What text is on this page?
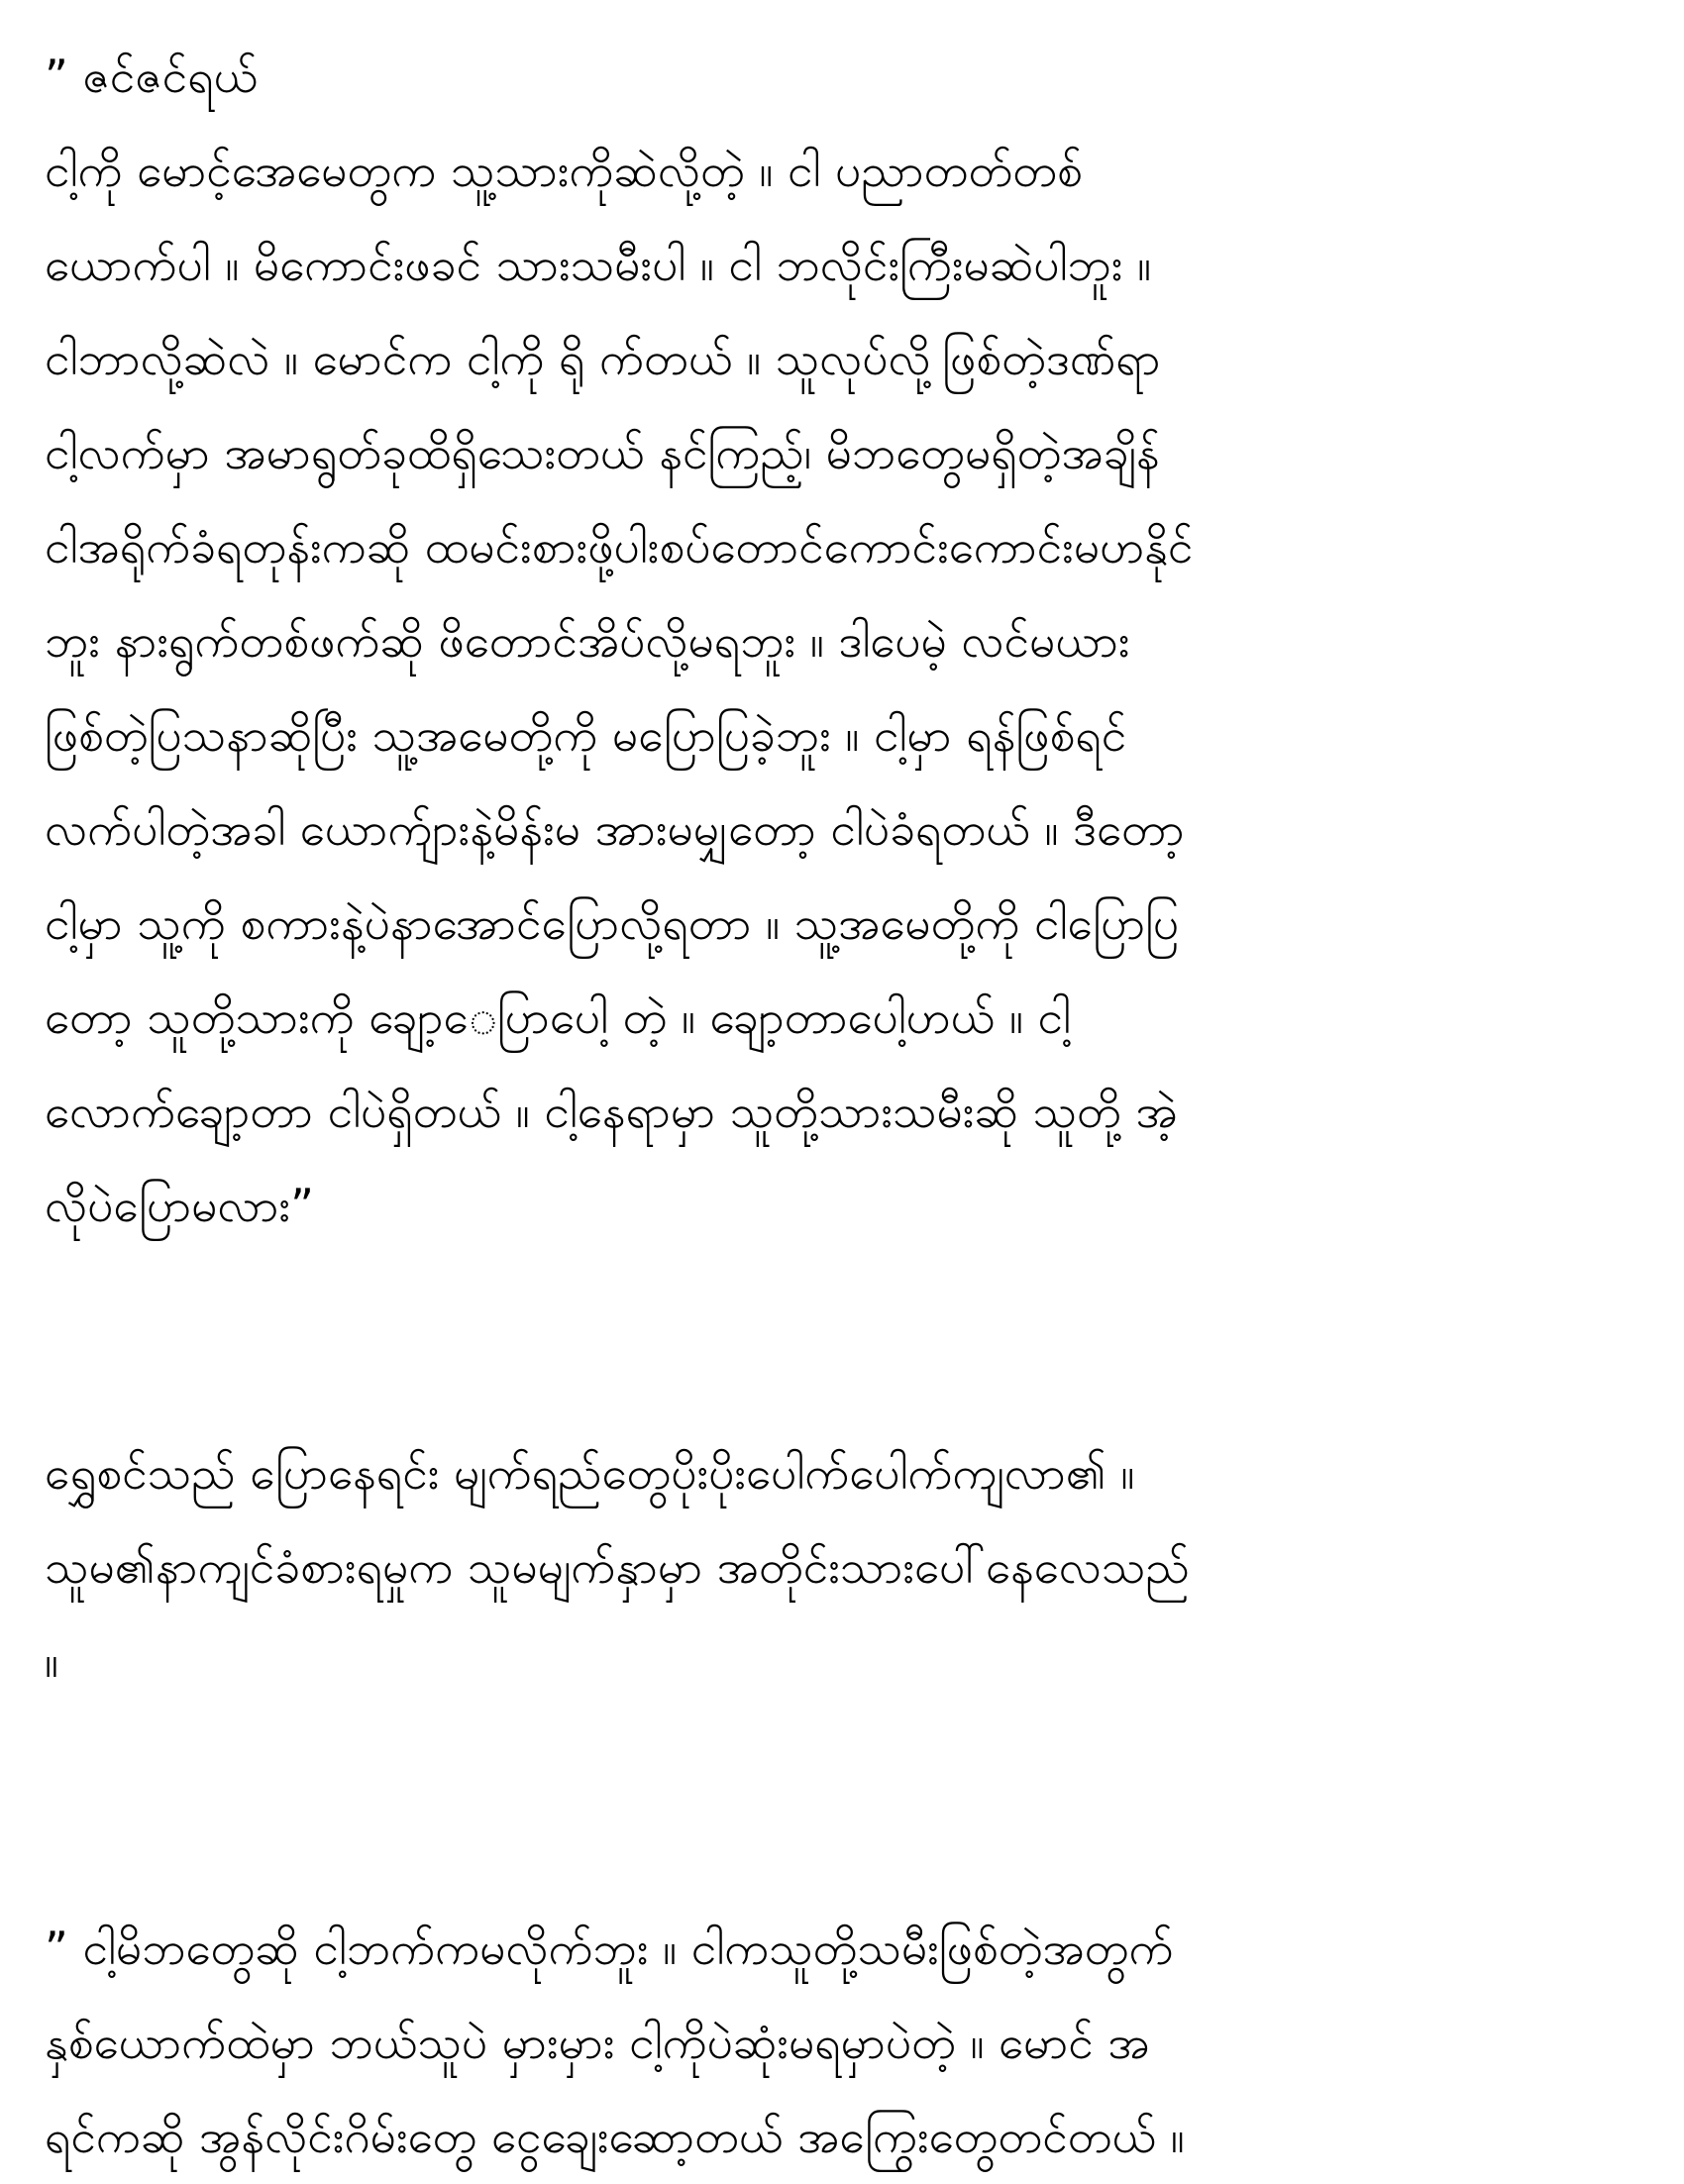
” ဇင်ဇင်ရယ်
ငါ့ကို မောင့်အေမေတွက သူ့သားကိုဆဲလို့တဲ့ ။ ငါ ပညာတတ်တစ်
ယောက်ပါ ။ မိကောင်းဖခင် သားသမီးပါ ။ ငါ ဘလိုင်းကြီးမဆဲပါဘူး ။
ငါဘာလို့ဆဲလဲ ။ မောင်က ငါ့ကို ရို က်တယ် ။ သူလုပ်လို့ဖြစ်တဲ့ဒဏ်ရာ
ငါ့လက်မှာ အမာရွတ်ခုထိရှိသေးတယ် နင်ကြည့်၊ မိဘတွေမရှိတဲ့အချိန်
ငါအရိုက်ခံရတုန်းကဆို ထမင်းစားဖို့ပါးစပ်တောင်ကောင်းကောင်းမဟနိုင်
ဘူး နားရွက်တစ်ဖက်ဆို ဖိတောင်အိပ်လို့မရဘူး ။ ဒါပေမဲ့ လင်မယား
ဖြစ်တဲ့ပြသနာဆိုပြီး သူ့အမေတို့ကို မပြောပြခဲ့ဘူး ။ ငါ့မှာ ရန်ဖြစ်ရင်
လက်ပါတဲ့အခါ ယောက်ျားနဲ့မိန်းမ အားမမျှတော့ ငါပဲခံရတယ် ။ ဒီတော့
ငါ့မှာ သူ့ကို စကားနဲ့ပဲနာအောင်ပြောလို့ရတာ ။ သူ့အမေတို့ကို ငါပြောပြ
တော့ သူတို့သားကို ချော့ေပြာပေါ့ တဲ့ ။ ချော့တာပေါ့ဟယ် ။ ငါ့
လောက်ချော့တာ ငါပဲရှိတယ် ။ ငါ့နေရာမှာ သူတို့သားသမီးဆို သူတို့ အဲ့
လိုပဲပြောမလား”
ရွှေစင်သည် ပြောနေရင်း မျက်ရည်တွေပိုးပိုးပေါက်ပေါက်ကျလာ၏ ။
သူမ၏နာကျင်ခံစားရမှုက သူမမျက်နှာမှာ အတိုင်းသားပေါ်နေလေသည်
။
” ငါ့မိဘတွေဆို ငါ့ဘက်ကမလိုက်ဘူး ။ ငါကသူတို့သမီးဖြစ်တဲ့အတွက်
နှစ်ယောက်ထဲမှာ ဘယ်သူပဲ မှားမှား ငါ့ကိုပဲဆုံးမရမှာပဲတဲ့ ။ မောင် အ
ရင်ကဆို အွန်လိုင်းဂိမ်းတွေ ငွေချေးဆော့တယ် အကြွေးတွေတင်တယ် ။
